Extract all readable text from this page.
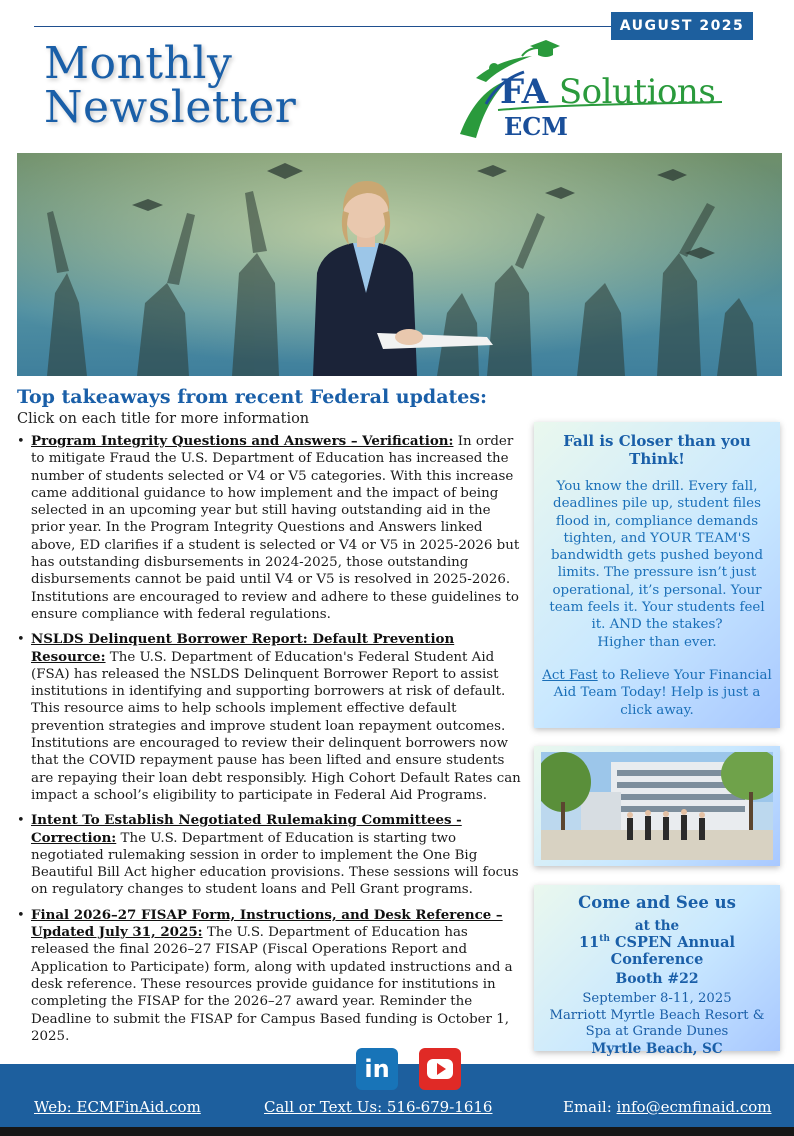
AUGUST 2025
Monthly
Newsletter	FA Solutions
ECM
Top takeaways from recent Federal updates:
Click on each title for more information
• Program Integrity Questions and Answers – Verification: In order to mitigate Fraud the U.S. Department of Education has increased the number of students selected or V4 or V5 categories. With this increase came additional guidance to how implement and the impact of being selected in an upcoming year but still having outstanding aid in the prior year. In the Program Integrity Questions and Answers linked above, ED clarifies if a student is selected or V4 or V5 in 2025-2026 but has outstanding disbursements in 2024-2025, those outstanding disbursements cannot be paid until V4 or V5 is resolved in 2025-2026. Institutions are encouraged to review and adhere to these guidelines to ensure compliance with federal regulations.
• NSLDS Delinquent Borrower Report: Default Prevention Resource: The U.S. Department of Education's Federal Student Aid (FSA) has released the NSLDS Delinquent Borrower Report to assist institutions in identifying and supporting borrowers at risk of default. This resource aims to help schools implement effective default prevention strategies and improve student loan repayment outcomes. Institutions are encouraged to review their delinquent borrowers now that the COVID repayment pause has been lifted and ensure students are repaying their loan debt responsibly. High Cohort Default Rates can impact a school’s eligibility to participate in Federal Aid Programs.
• Intent To Establish Negotiated Rulemaking Committees - Correction: The U.S. Department of Education is starting two negotiated rulemaking session in order to implement the One Big Beautiful Bill Act higher education provisions. These sessions will focus on regulatory changes to student loans and Pell Grant programs.
• Final 2026–27 FISAP Form, Instructions, and Desk Reference – Updated July 31, 2025: The U.S. Department of Education has released the final 2026–27 FISAP (Fiscal Operations Report and Application to Participate) form, along with updated instructions and a desk reference. These resources provide guidance for institutions in completing the FISAP for the 2026–27 award year. Reminder the Deadline to submit the FISAP for Campus Based funding is October 1, 2025.
Fall is Closer than you Think!

You know the drill. Every fall, deadlines pile up, student files flood in, compliance demands tighten, and YOUR TEAM'S bandwidth gets pushed beyond limits. The pressure isn’t just operational, it’s personal. Your team feels it. Your students feel it. AND the stakes?
Higher than ever.

Act Fast to Relieve Your Financial Aid Team Today! Help is just a click away.

Come and See us
at the
11th CSPEN Annual Conference
Booth #22
September 8-11, 2025
Marriott Myrtle Beach Resort & Spa at Grande Dunes
Myrtle Beach, SC
Web: ECMFinAid.com	Call or Text Us: 516-679-1616	Email: info@ecmfinaid.com
in
